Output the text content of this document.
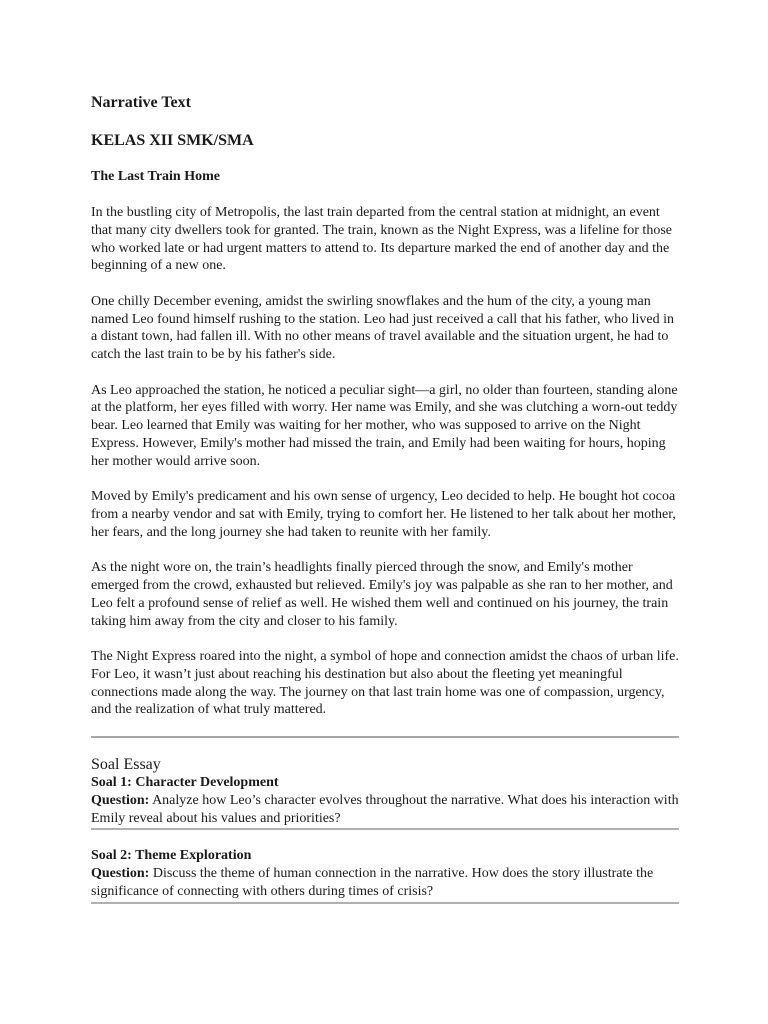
Narrative Text
KELAS XII SMK/SMA
The Last Train Home

In the bustling city of Metropolis, the last train departed from the central station at midnight, an event that many city dwellers took for granted. The train, known as the Night Express, was a lifeline for those who worked late or had urgent matters to attend to. Its departure marked the end of another day and the beginning of a new one.

One chilly December evening, amidst the swirling snowflakes and the hum of the city, a young man named Leo found himself rushing to the station. Leo had just received a call that his father, who lived in a distant town, had fallen ill. With no other means of travel available and the situation urgent, he had to catch the last train to be by his father's side.

As Leo approached the station, he noticed a peculiar sight—a girl, no older than fourteen, standing alone at the platform, her eyes filled with worry. Her name was Emily, and she was clutching a worn-out teddy bear. Leo learned that Emily was waiting for her mother, who was supposed to arrive on the Night Express. However, Emily's mother had missed the train, and Emily had been waiting for hours, hoping her mother would arrive soon.

Moved by Emily's predicament and his own sense of urgency, Leo decided to help. He bought hot cocoa from a nearby vendor and sat with Emily, trying to comfort her. He listened to her talk about her mother, her fears, and the long journey she had taken to reunite with her family.

As the night wore on, the train’s headlights finally pierced through the snow, and Emily's mother emerged from the crowd, exhausted but relieved. Emily's joy was palpable as she ran to her mother, and Leo felt a profound sense of relief as well. He wished them well and continued on his journey, the train taking him away from the city and closer to his family.

The Night Express roared into the night, a symbol of hope and connection amidst the chaos of urban life. For Leo, it wasn’t just about reaching his destination but also about the fleeting yet meaningful connections made along the way. The journey on that last train home was one of compassion, urgency, and the realization of what truly mattered.

Soal Essay

Soal 1: Character Development

Question: Analyze how Leo’s character evolves throughout the narrative. What does his interaction with Emily reveal about his values and priorities?

Soal 2: Theme Exploration

Question: Discuss the theme of human connection in the narrative. How does the story illustrate the significance of connecting with others during times of crisis?
